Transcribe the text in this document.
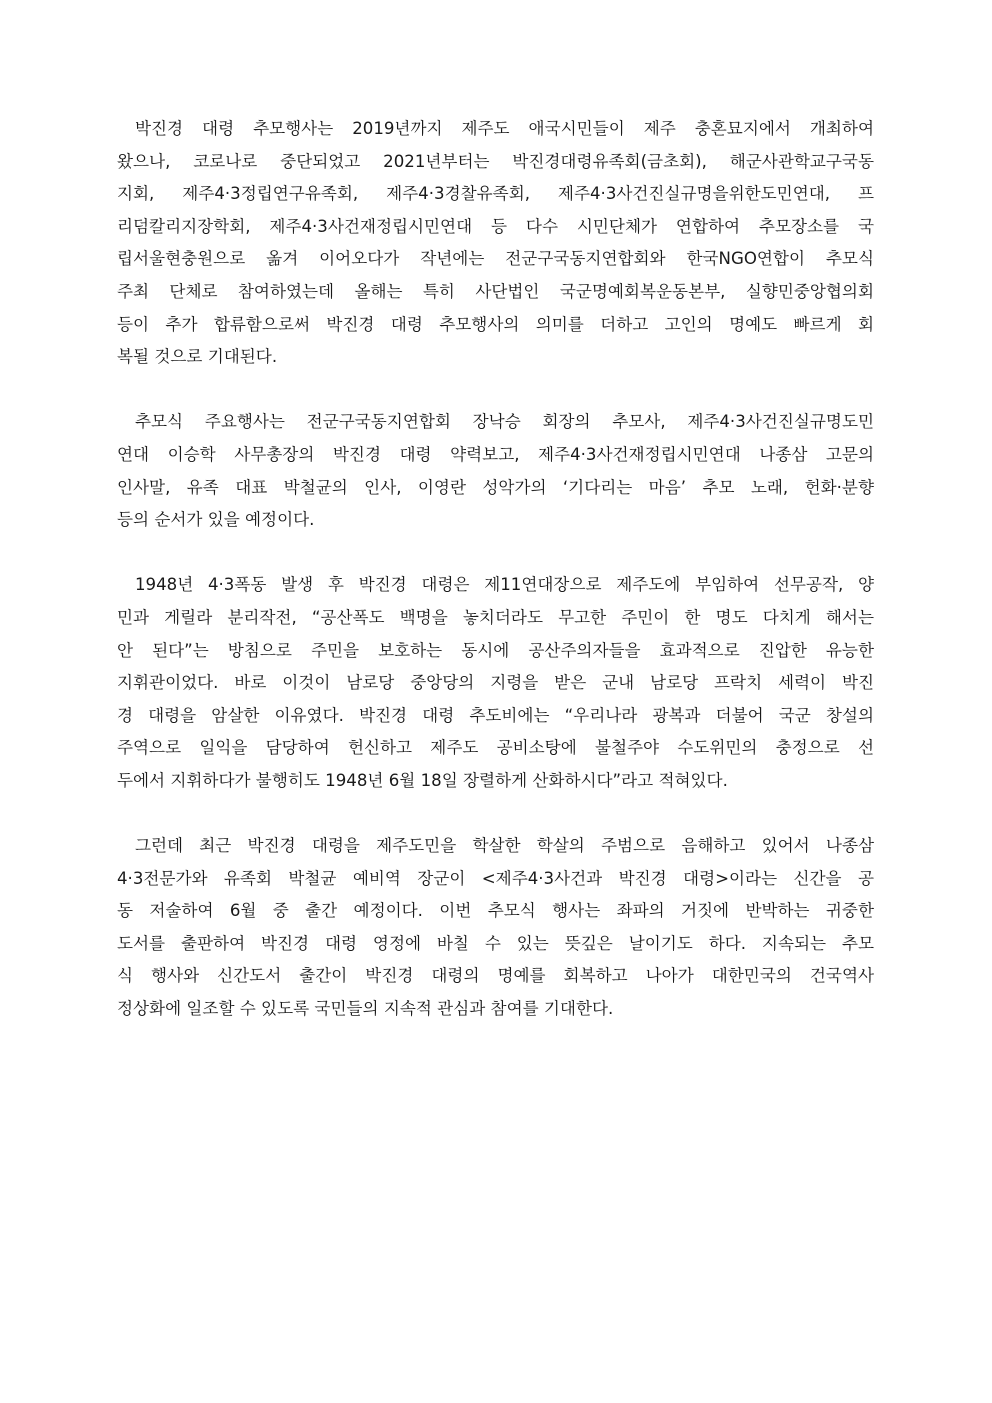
박진경 대령 추모행사는 2019년까지 제주도 애국시민들이 제주 충혼묘지에서 개최하여
왔으나, 코로나로 중단되었고 2021년부터는 박진경대령유족회(금초회), 해군사관학교구국동
지회, 제주4·3정립연구유족회, 제주4·3경찰유족회, 제주4·3사건진실규명을위한도민연대, 프
리덤칼리지장학회, 제주4·3사건재정립시민연대 등 다수 시민단체가 연합하여 추모장소를 국
립서울현충원으로 옮겨 이어오다가 작년에는 전군구국동지연합회와 한국NGO연합이 추모식
주최 단체로 참여하였는데 올해는 특히 사단법인 국군명예회복운동본부, 실향민중앙협의회
등이 추가 합류함으로써 박진경 대령 추모행사의 의미를 더하고 고인의 명예도 빠르게 회
복될 것으로 기대된다.
추모식 주요행사는 전군구국동지연합회 장낙승 회장의 추모사, 제주4·3사건진실규명도민
연대 이승학 사무총장의 박진경 대령 약력보고, 제주4·3사건재정립시민연대 나종삼 고문의
인사말, 유족 대표 박철균의 인사, 이영란 성악가의 ‘기다리는 마음’ 추모 노래, 헌화·분향
등의 순서가 있을 예정이다.
1948년 4·3폭동 발생 후 박진경 대령은 제11연대장으로 제주도에 부임하여 선무공작, 양
민과 게릴라 분리작전, “공산폭도 백명을 놓치더라도 무고한 주민이 한 명도 다치게 해서는
안 된다”는 방침으로 주민을 보호하는 동시에 공산주의자들을 효과적으로 진압한 유능한
지휘관이었다. 바로 이것이 남로당 중앙당의 지령을 받은 군내 남로당 프락치 세력이 박진
경 대령을 암살한 이유였다. 박진경 대령 추도비에는 “우리나라 광복과 더불어 국군 창설의
주역으로 일익을 담당하여 헌신하고 제주도 공비소탕에 불철주야 수도위민의 충정으로 선
두에서 지휘하다가 불행히도 1948년 6월 18일 장렬하게 산화하시다”라고 적혀있다.
그런데 최근 박진경 대령을 제주도민을 학살한 학살의 주범으로 음해하고 있어서 나종삼
4·3전문가와 유족회 박철균 예비역 장군이 <제주4·3사건과 박진경 대령>이라는 신간을 공
동 저술하여 6월 중 출간 예정이다. 이번 추모식 행사는 좌파의 거짓에 반박하는 귀중한
도서를 출판하여 박진경 대령 영정에 바칠 수 있는 뜻깊은 날이기도 하다. 지속되는 추모
식 행사와 신간도서 출간이 박진경 대령의 명예를 회복하고 나아가 대한민국의 건국역사
정상화에 일조할 수 있도록 국민들의 지속적 관심과 참여를 기대한다.
